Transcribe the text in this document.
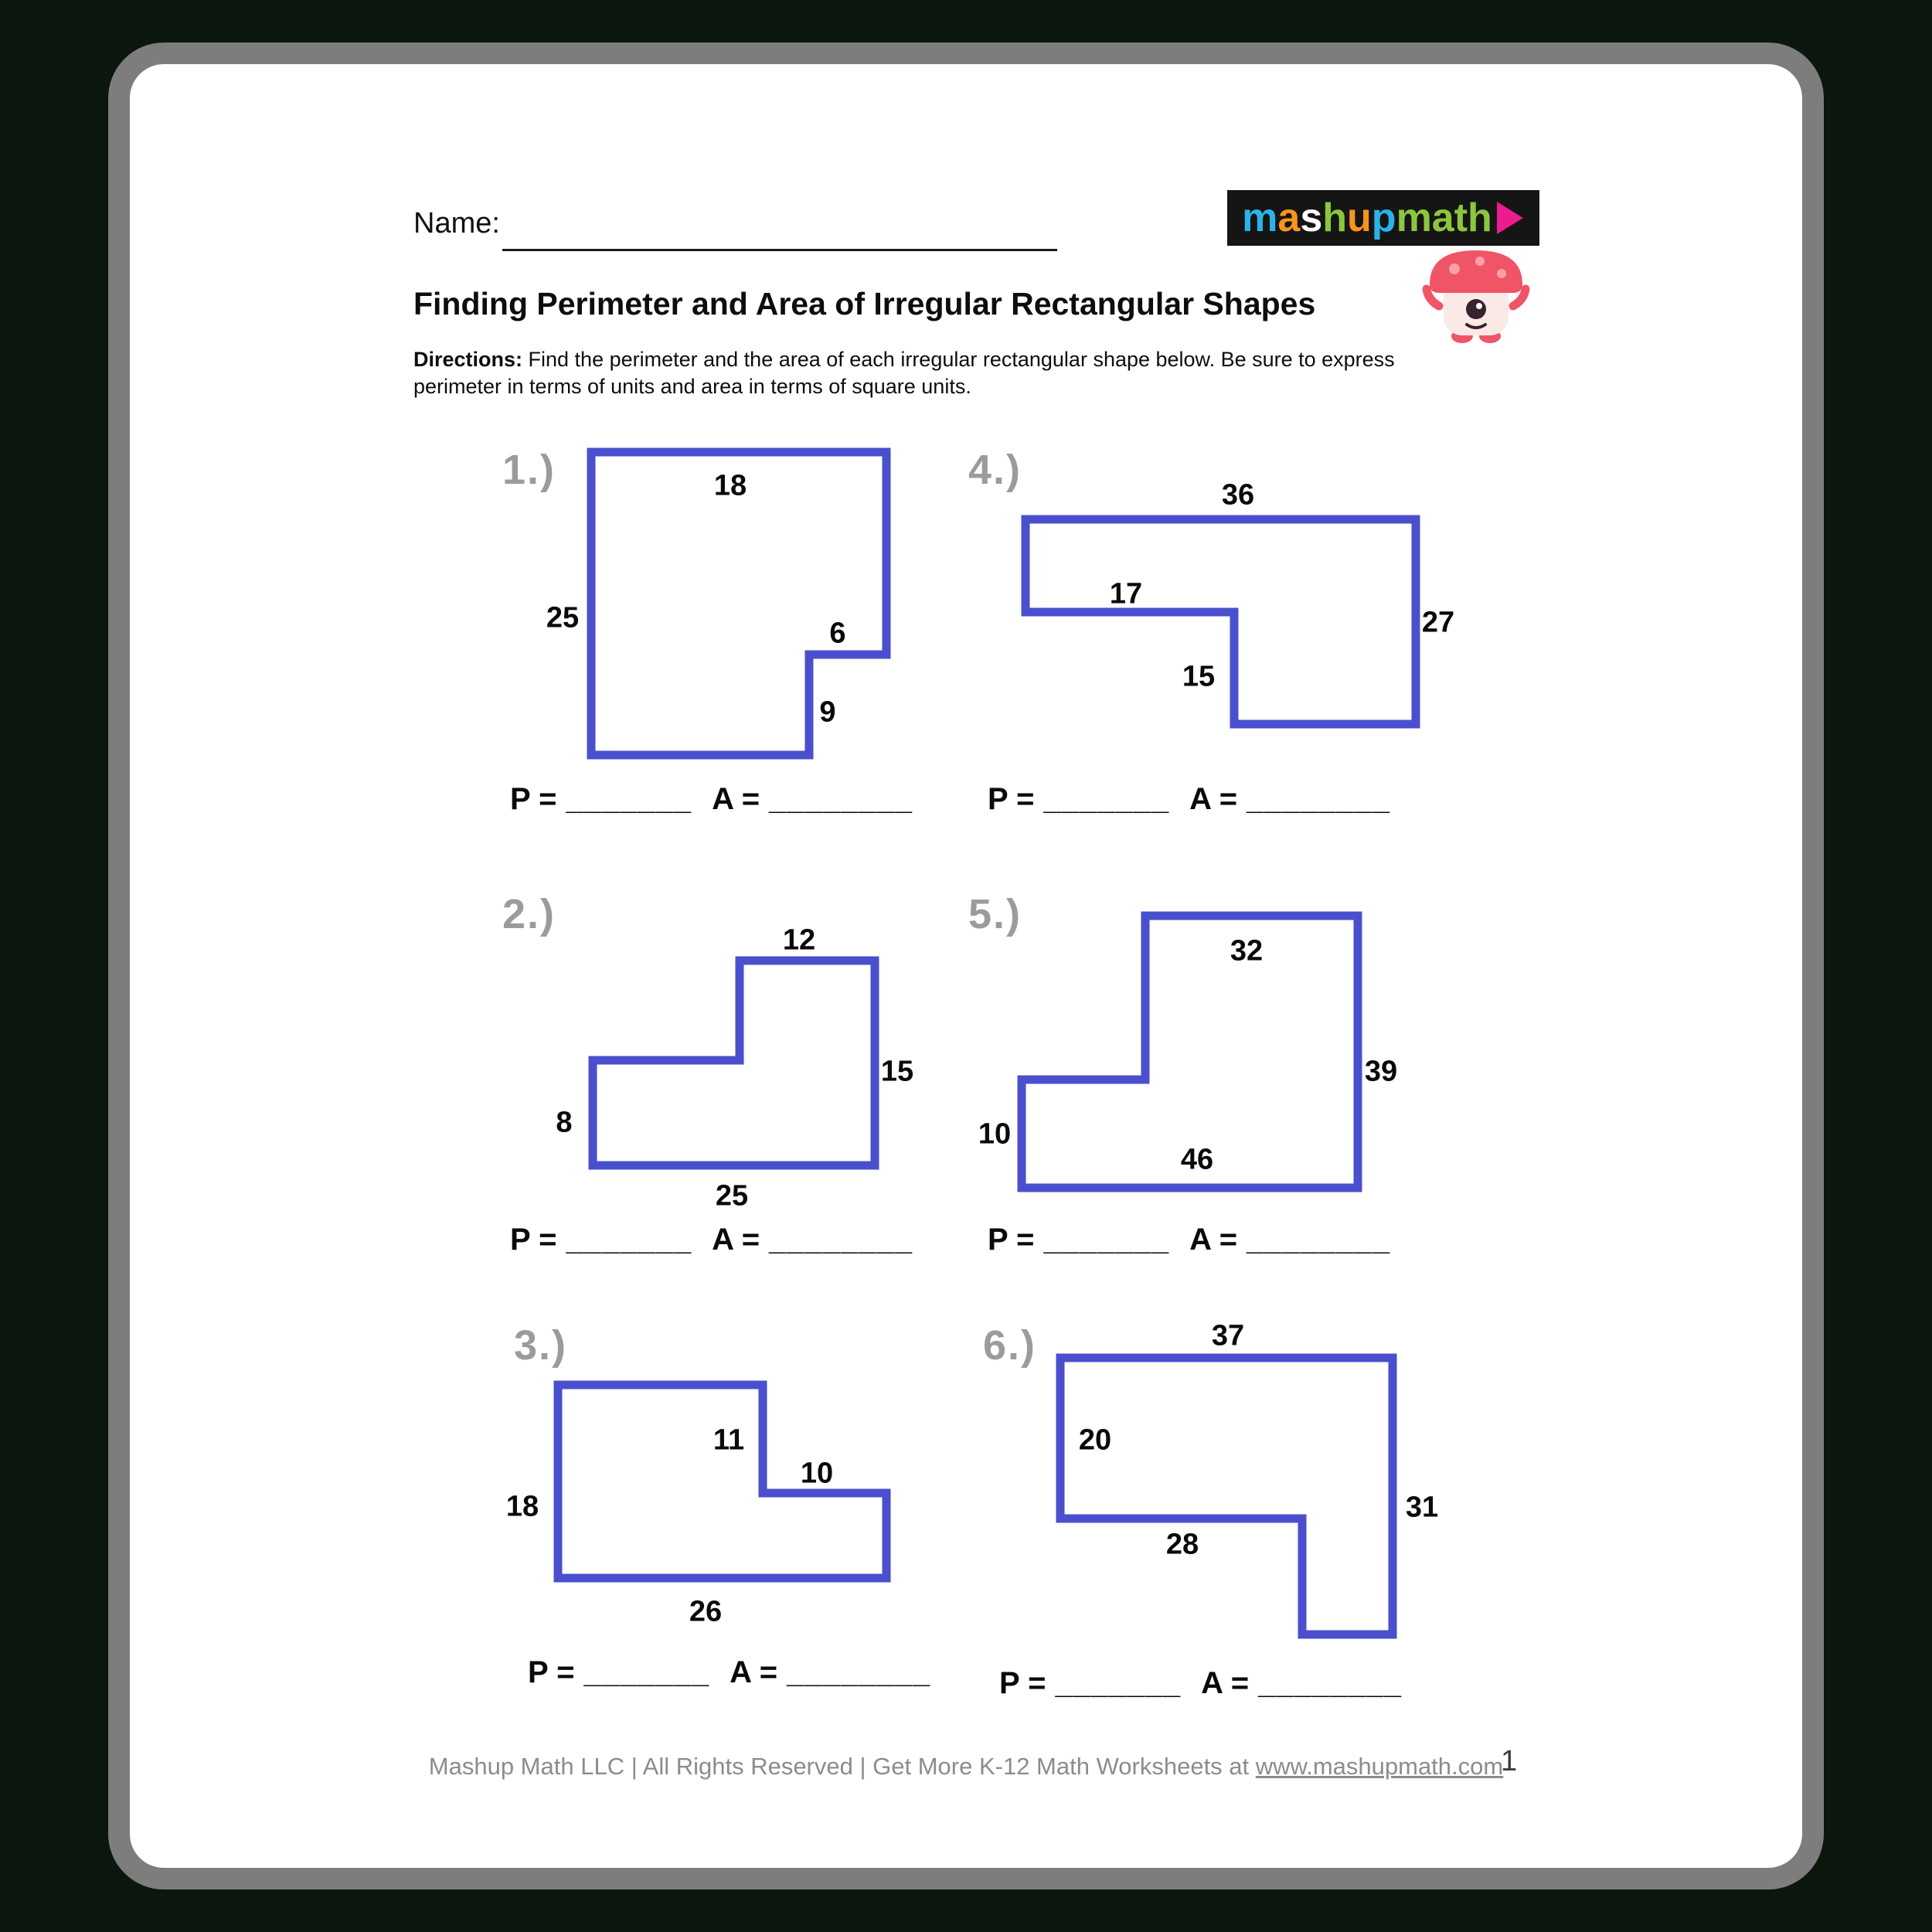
Name:	m a s h u p math
Finding Perimeter and Area of Irregular Rectangular Shapes

Directions: Find the perimeter and the area of each irregular rectangular shape below. Be sure to express perimeter in terms of units and area in terms of square units.

1.)	4.)
2.)	5.)
3.)	6.)
18
25	6
9
P = _______ A = ________
36
17
27
15
P = _______ A = ________
12
15
8
25
P = _______ A = ________
32
39
10
46
P = _______ A = ________
11
10
18
26
P = _______ A = ________
37
20
31
28
P = _______ A = ________
Mashup Math LLC | All Rights Reserved | Get More K-12 Math Worksheets at www.mashupmath.com
1
